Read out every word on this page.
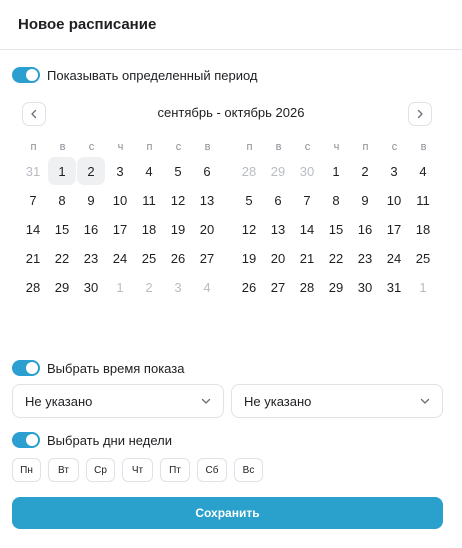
Новое расписание
Показывать определенный период
сентябрь - октябрь 2026
п	в	с	ч	п	с	в
31	1	2	3	4	5	6
7	8	9	10	11	12	13
14	15	16	17	18	19	20
21	22	23	24	25	26	27
28	29	30	1	2	3	4
п	в	с	ч	п	с	в
28	29	30	1	2	3	4
5	6	7	8	9	10	11
12	13	14	15	16	17	18
19	20	21	22	23	24	25
26	27	28	29	30	31	1
Выбрать время показа
Не указано	Не указано
Выбрать дни недели
Пн	Вт	Ср	Чт	Пт	Сб	Вс
Сохранить
